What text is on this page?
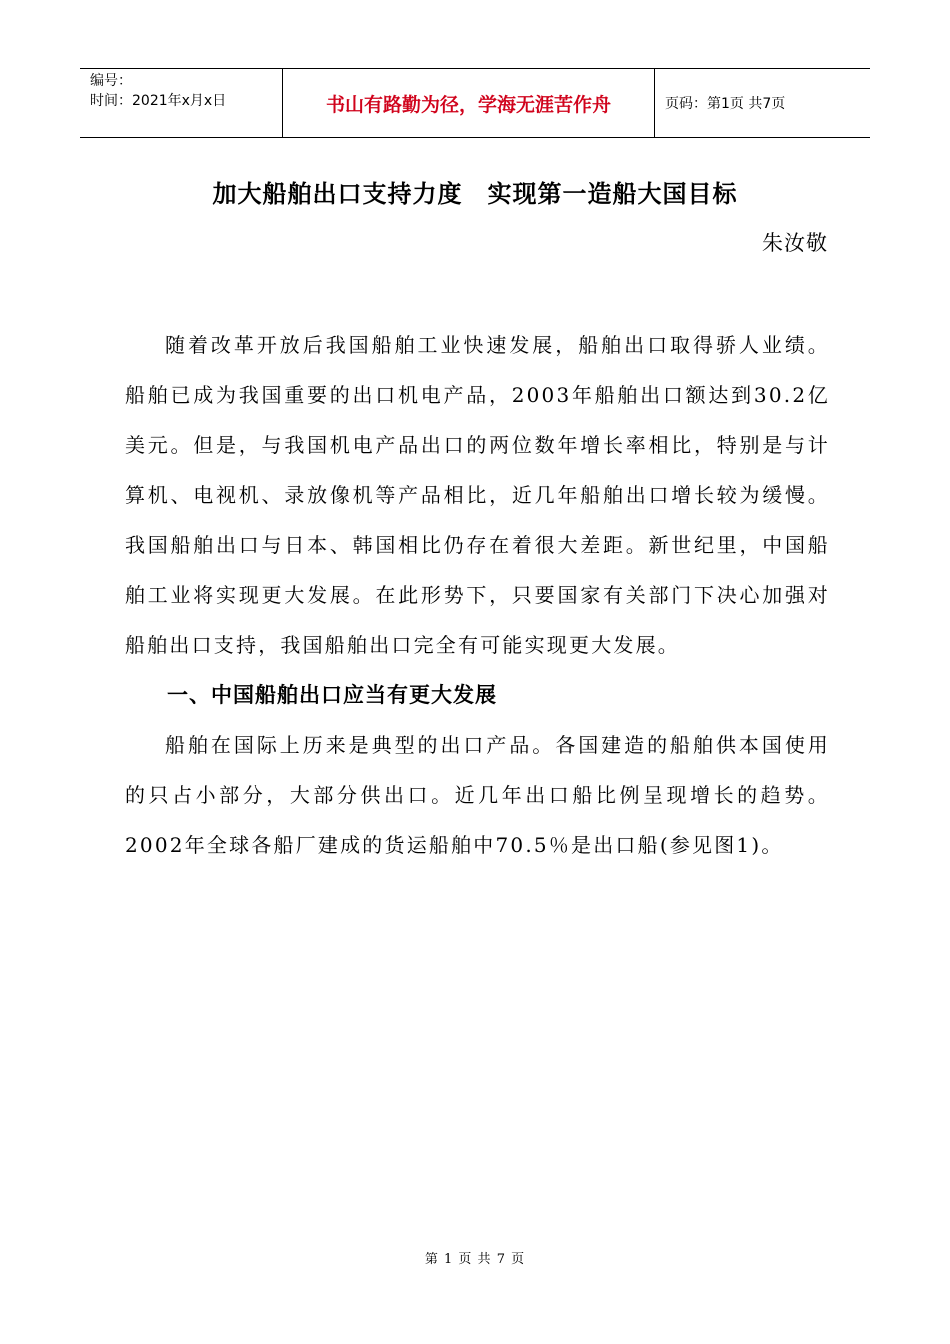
编号：
时间：2021年x月x日	书山有路勤为径，学海无涯苦作舟	页码：第1页 共7页
加大船舶出口支持力度　实现第一造船大国目标
朱汝敬

随着改革开放后我国船舶工业快速发展，船舶出口取得骄人业绩。船舶已成为我国重要的出口机电产品，2003年船舶出口额达到30.2亿美元。但是，与我国机电产品出口的两位数年增长率相比，特别是与计算机、电视机、录放像机等产品相比，近几年船舶出口增长较为缓慢。我国船舶出口与日本、韩国相比仍存在着很大差距。新世纪里，中国船舶工业将实现更大发展。在此形势下，只要国家有关部门下决心加强对船舶出口支持，我国船舶出口完全有可能实现更大发展。

一、中国船舶出口应当有更大发展

船舶在国际上历来是典型的出口产品。各国建造的船舶供本国使用的只占小部分，大部分供出口。近几年出口船比例呈现增长的趋势。2002年全球各船厂建成的货运船舶中70.5％是出口船(参见图1)。

第 1 页 共 7 页
